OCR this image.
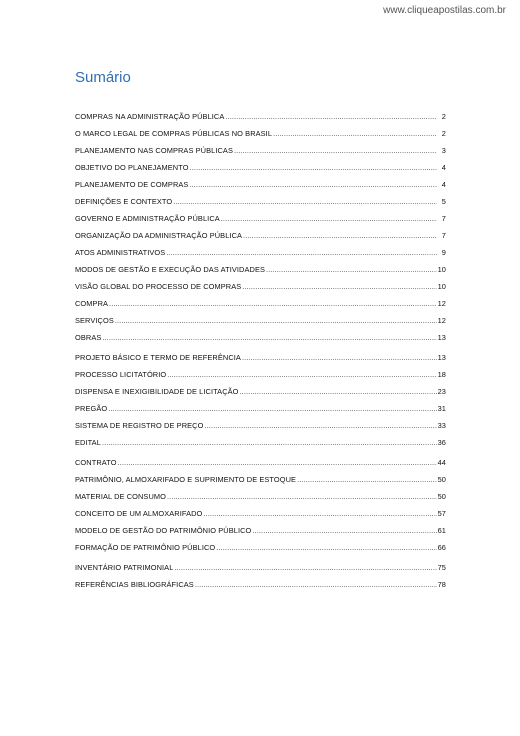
www.cliqueapostilas.com.br
Sumário
COMPRAS NA ADMINISTRAÇÃO PÚBLICA .....	2
O MARCO LEGAL DE COMPRAS PÚBLICAS NO BRASIL .....	2
PLANEJAMENTO NAS COMPRAS PÚBLICAS .....	3
OBJETIVO DO PLANEJAMENTO .....	4
PLANEJAMENTO DE COMPRAS .....	4
DEFINIÇÕES E CONTEXTO .....	5
GOVERNO E ADMINISTRAÇÃO PÚBLICA .....	7
ORGANIZAÇÃO DA ADMINISTRAÇÃO PÚBLICA .....	7
ATOS ADMINISTRATIVOS .....	9
MODOS DE GESTÃO E EXECUÇÃO DAS ATIVIDADES .....	10
VISÃO GLOBAL DO PROCESSO DE COMPRAS .....	10
COMPRA .....	12
SERVIÇOS .....	12
OBRAS .....	13
PROJETO BÁSICO E TERMO DE REFERÊNCIA .....	13
PROCESSO LICITATÓRIO .....	18
DISPENSA E INEXIGIBILIDADE DE LICITAÇÃO .....	23
PREGÃO .....	31
SISTEMA DE REGISTRO DE PREÇO .....	33
EDITAL .....	36
CONTRATO .....	44
PATRIMÔNIO, ALMOXARIFADO E SUPRIMENTO DE ESTOQUE .....	50
MATERIAL DE CONSUMO .....	50
CONCEITO DE UM ALMOXARIFADO .....	57
MODELO DE GESTÃO DO PATRIMÔNIO PÚBLICO .....	61
FORMAÇÃO DE PATRIMÔNIO PÚBLICO .....	66
INVENTÁRIO PATRIMONIAL .....	75
REFERÊNCIAS BIBLIOGRÁFICAS .....	78
